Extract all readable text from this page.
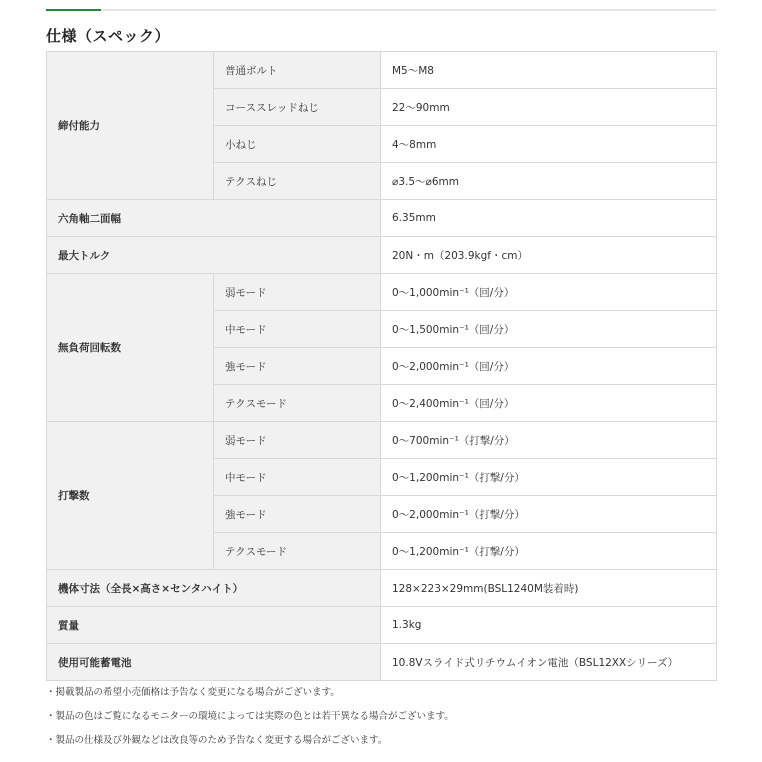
仕様（スペック）
締付能力	普通ボルト	M5〜M8
	コーススレッドねじ	22〜90mm
	小ねじ	4〜8mm
	テクスねじ	⌀3.5〜⌀6mm
六角軸二面幅		6.35mm
最大トルク		20N・m（203.9kgf・cm）
無負荷回転数	弱モード	0〜1,000min⁻¹（回/分）
	中モード	0〜1,500min⁻¹（回/分）
	強モード	0〜2,000min⁻¹（回/分）
	テクスモード	0〜2,400min⁻¹（回/分）
打撃数	弱モード	0〜700min⁻¹（打撃/分）
	中モード	0〜1,200min⁻¹（打撃/分）
	強モード	0〜2,000min⁻¹（打撃/分）
	テクスモード	0〜1,200min⁻¹（打撃/分）
機体寸法（全長×高さ×センタハイト）		128×223×29mm(BSL1240M装着時)
質量		1.3kg
使用可能蓄電池		10.8Vスライド式リチウムイオン電池（BSL12XXシリーズ）
・掲載製品の希望小売価格は予告なく変更になる場合がございます。
・製品の色はご覧になるモニターの環境によっては実際の色とは若干異なる場合がございます。
・製品の仕様及び外観などは改良等のため予告なく変更する場合がございます。
